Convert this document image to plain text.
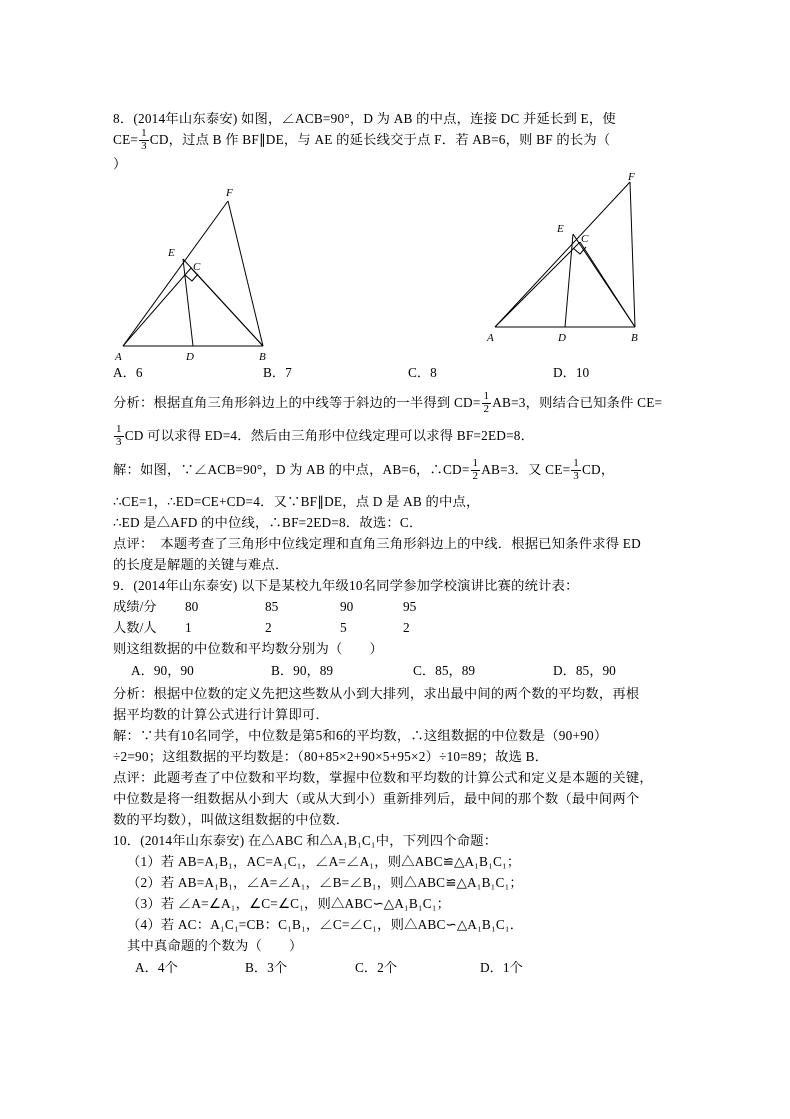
8．(2014年山东泰安) 如图，∠ACB=90°，D 为 AB 的中点，连接 DC 并延长到 E，使
$CE= \frac{1}{3}$ CD，过点 B 作 BF∥DE，与 AE 的延长线交于点 F．若 AB=6，则 BF 的长为（
）
F
E
C
A	D	B
F
E
C
A	D	B
A．6	B．7	C．8	D．10
分析：根据直角三角形斜边上的中线等于斜边的一半得到 $CD= \frac{1}{2} AB=3$，则结合已知条件 CE=
$\frac{1}{3}$ CD 可以求得 ED=4．然后由三角形中位线定理可以求得 BF=2ED=8．
解：如图，∵∠ACB=90°，D 为 AB 的中点，AB=6，∴CD= $\frac{1}{2} AB=3$．又 $CE= \frac{1}{3}$ CD，
∴CE=1，∴ED=CE+CD=4．又∵BF∥DE，点 D 是 AB 的中点，
∴ED 是△AFD 的中位线，∴BF=2ED=8．故选：C．
点评：　本题考查了三角形中位线定理和直角三角形斜边上的中线．根据已知条件求得 ED
的长度是解题的关键与难点．
9．(2014年山东泰安) 以下是某校九年级10名同学参加学校演讲比赛的统计表：
成绩/分 80	85	90	95
人数/人 1	2	5	2
则这组数据的中位数和平均数分别为（　　）
A．90，90	B．90，89	C．85，89	D．85，90
分析：根据中位数的定义先把这些数从小到大排列，求出最中间的两个数的平均数，再根
据平均数的计算公式进行计算即可．
解：∵共有10名同学，中位数是第5和6的平均数，∴这组数据的中位数是（90+90）
÷2=90；这组数据的平均数是：（80+85×2+90×5+95×2）÷10=89；故选 B．
点评：此题考查了中位数和平均数，掌握中位数和平均数的计算公式和定义是本题的关键，
中位数是将一组数据从小到大（或从大到小）重新排列后，最中间的那个数（最中间两个
数的平均数），叫做这组数据的中位数．
10．(2014年山东泰安) 在△ABC 和△A₁B₁C₁中，下列四个命题：
（1）若 AB=A₁B₁，AC=A₁C₁，∠A=∠A₁，则△ABC≌△A₁B₁C₁；
（2）若 AB=A₁B₁，∠A=∠A₁，∠B=∠B₁，则△ABC≌△A₁B₁C₁；
（3）若 ∠A=∠A₁，∠C=∠C₁，则△ABC∽△A₁B₁C₁；
（4）若 AC：A₁C₁=CB：C₁B₁，∠C=∠C₁，则△ABC∽△A₁B₁C₁．
其中真命题的个数为（　　）
A．4个	B．3个	C．2个	D．1个
